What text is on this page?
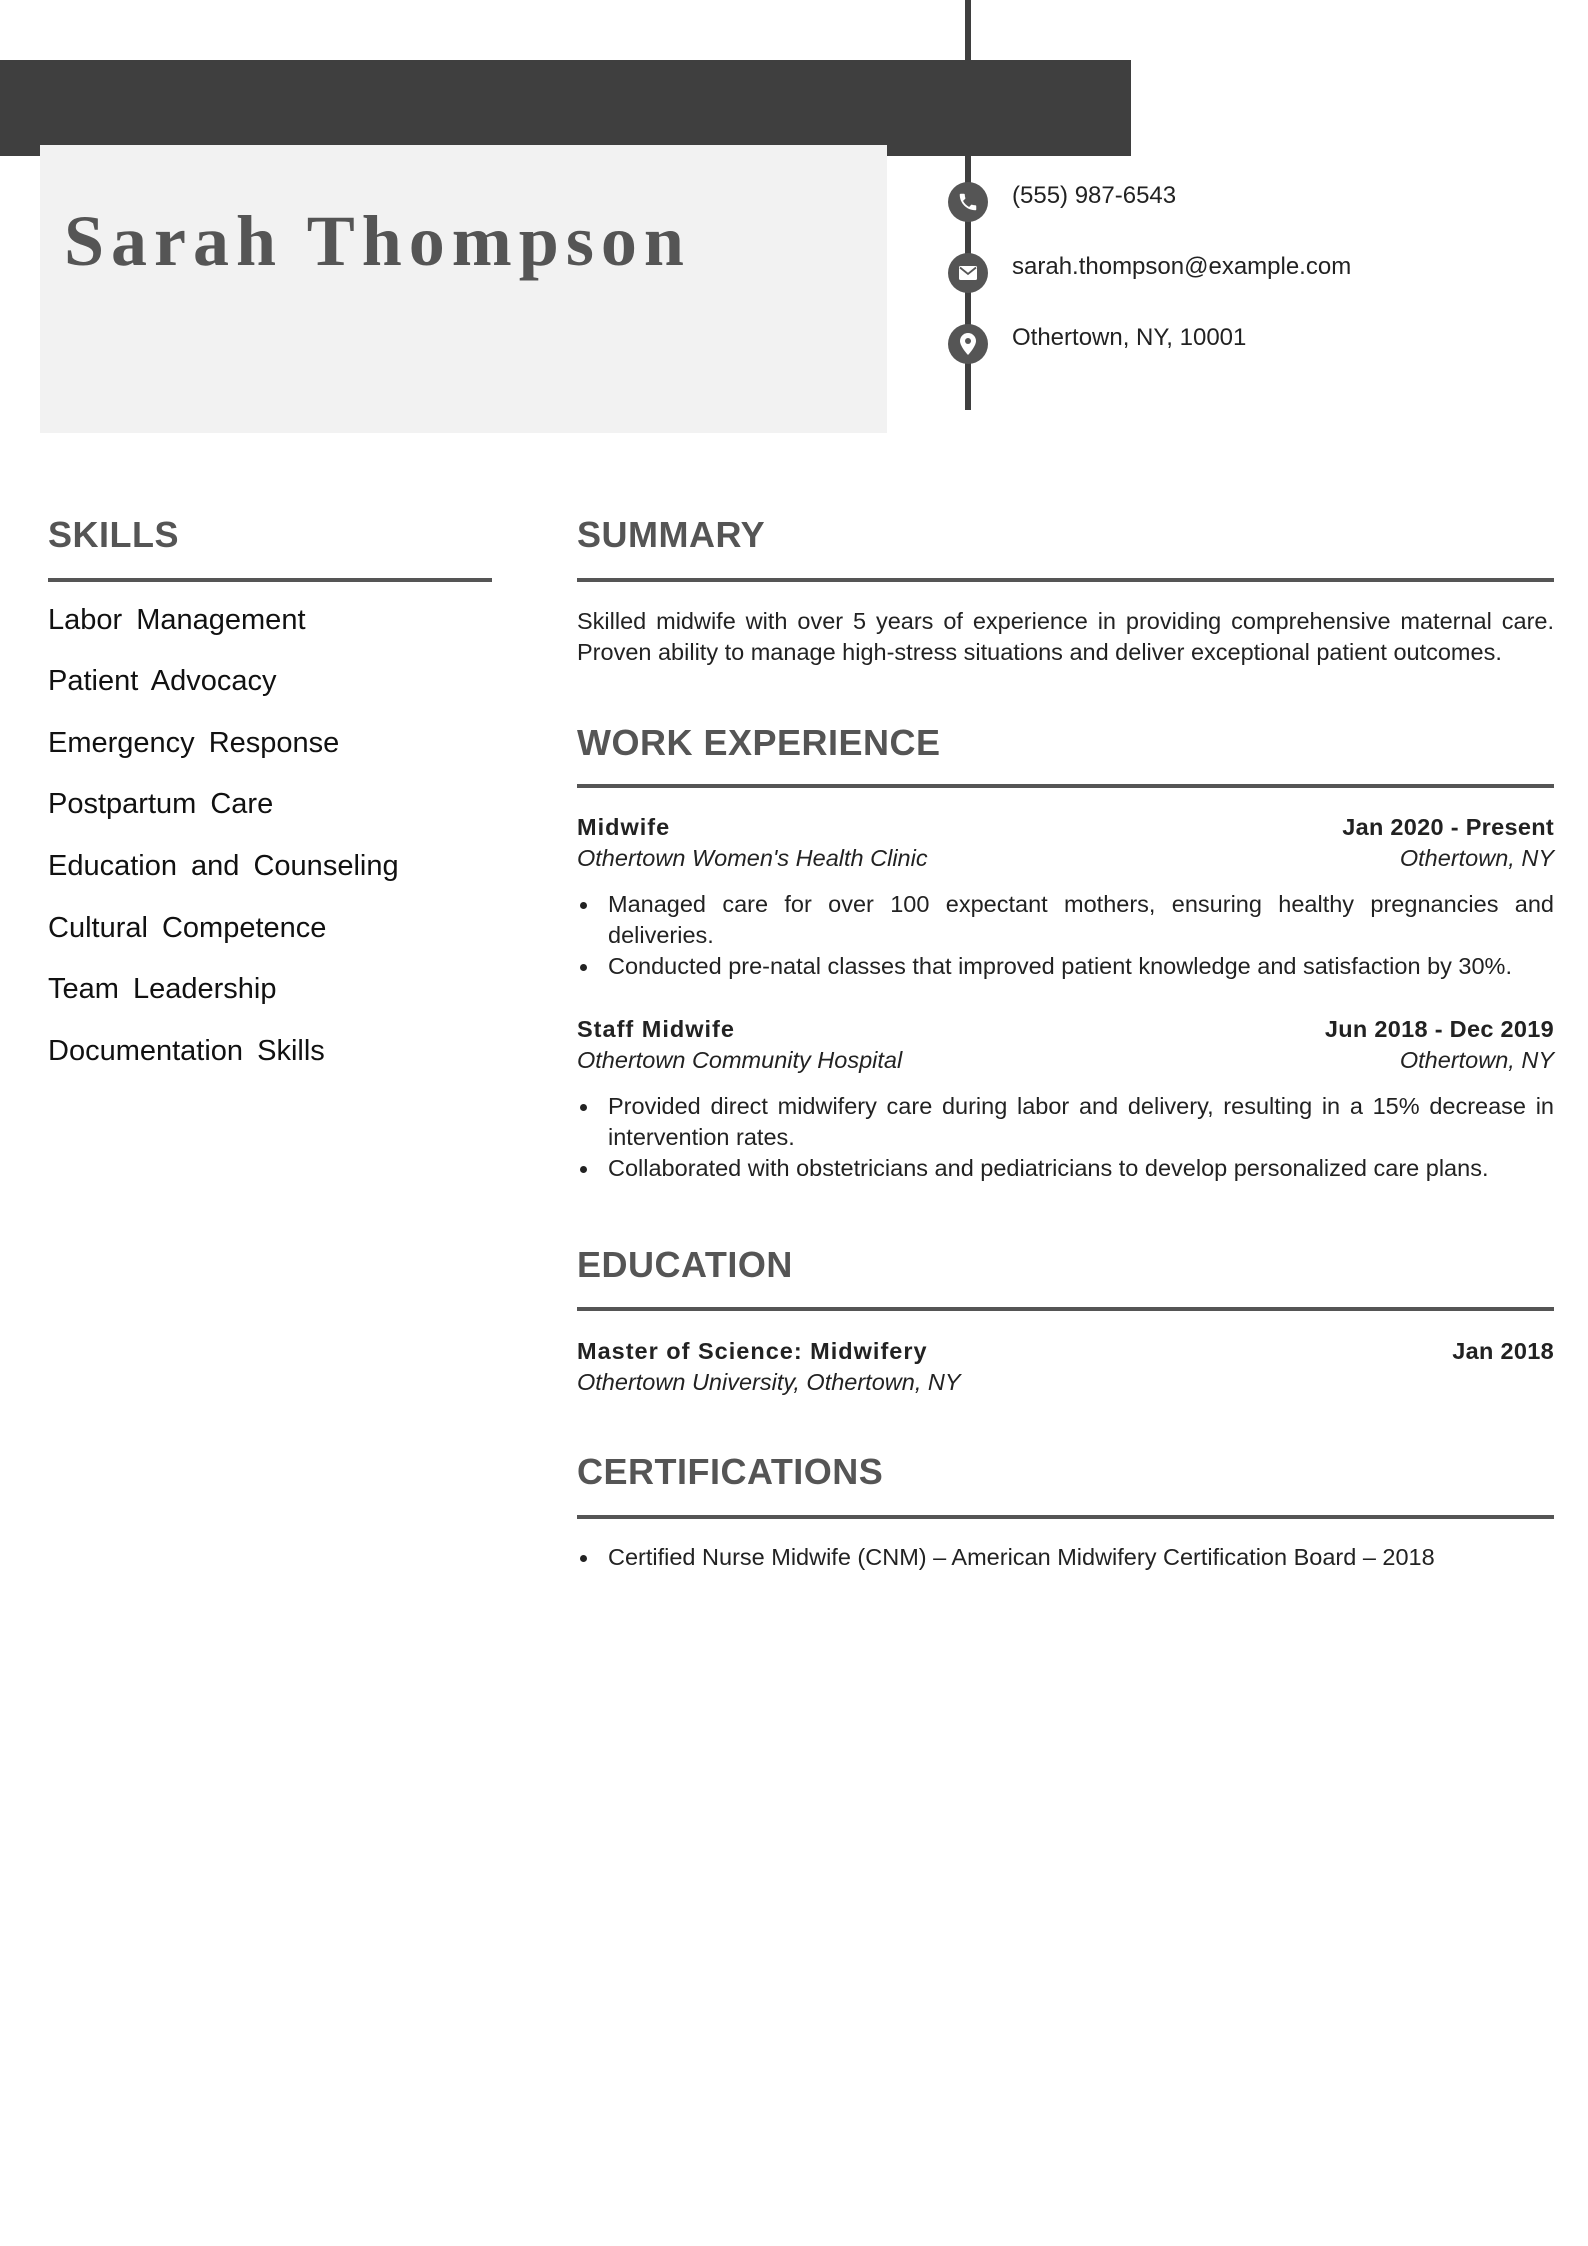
Sarah Thompson
(555) 987-6543
sarah.thompson@example.com
Othertown, NY, 10001
SKILLS
Labor Management
Patient Advocacy
Emergency Response
Postpartum Care
Education and Counseling
Cultural Competence
Team Leadership
Documentation Skills
SUMMARY

Skilled midwife with over 5 years of experience in providing comprehensive maternal care. Proven ability to manage high-stress situations and deliver exceptional patient outcomes.

WORK EXPERIENCE
Midwife	Jan 2020 - Present
Othertown Women's Health Clinic	Othertown, NY
Managed care for over 100 expectant mothers, ensuring healthy pregnancies and deliveries.
Conducted pre-natal classes that improved patient knowledge and satisfaction by 30%.
Staff Midwife	Jun 2018 - Dec 2019
Othertown Community Hospital	Othertown, NY
Provided direct midwifery care during labor and delivery, resulting in a 15% decrease in intervention rates.
Collaborated with obstetricians and pediatricians to develop personalized care plans.
EDUCATION
Master of Science: Midwifery	Jan 2018
Othertown University, Othertown, NY
CERTIFICATIONS
Certified Nurse Midwife (CNM) – American Midwifery Certification Board – 2018
